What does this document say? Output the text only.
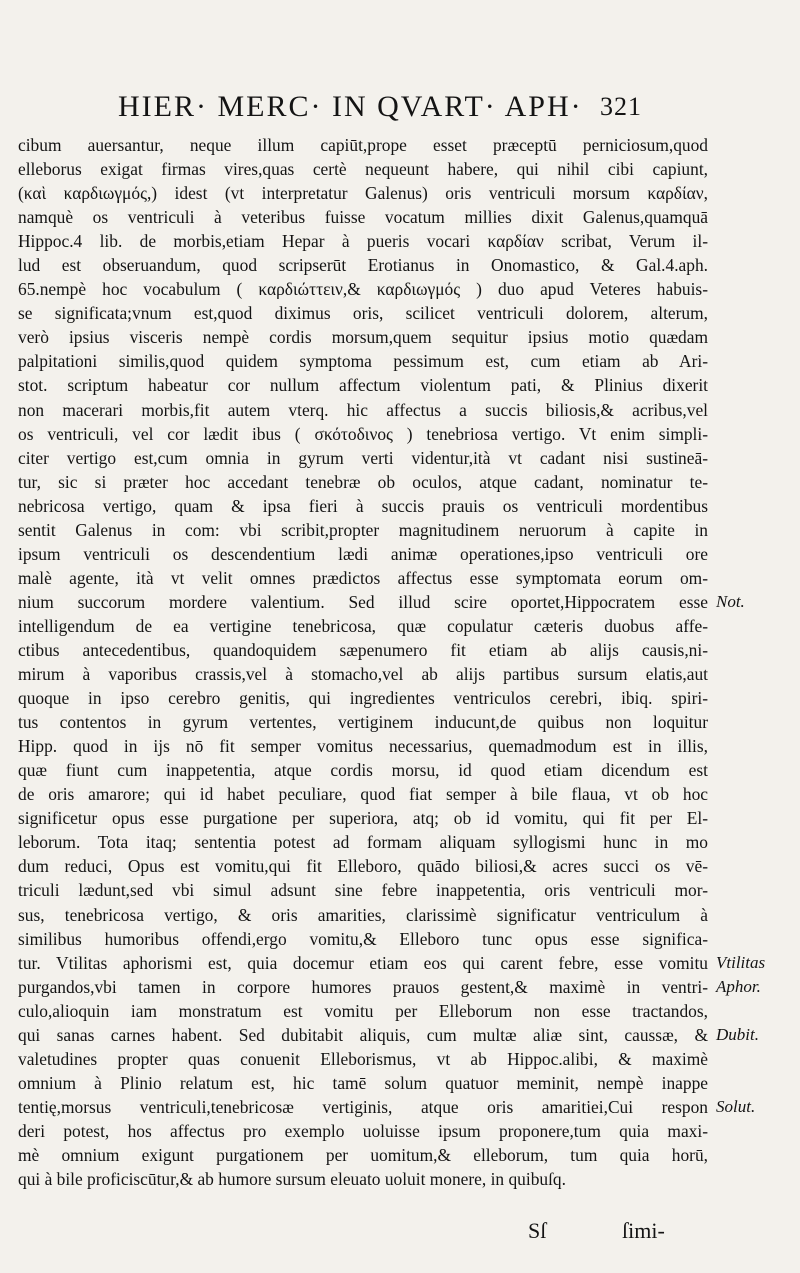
HIER· MERC· IN QVART· APH· 321
cibum auersantur, neque illum capiūt,prope esset præceptū perniciosum,quod
elleborus exigat firmas vires,quas certè nequeunt habere, qui nihil cibi capiunt,
(καὶ καρδιωγμός,) idest (vt interpretatur Galenus) oris ventriculi morsum καρδίαν,
namquè os ventriculi à veteribus fuisse vocatum millies dixit Galenus,quamquā
Hippoc.4 lib. de morbis,etiam Hepar à pueris vocari καρδίαν scribat, Verum il-
lud est obseruandum, quod scripserūt Erotianus in Onomastico, & Gal.4.aph.
65.nempè hoc vocabulum ( καρδιώττειν,& καρδιωγμός ) duo apud Veteres habuis-
se significata;vnum est,quod diximus oris, scilicet ventriculi dolorem, alterum,
verò ipsius visceris nempè cordis morsum,quem sequitur ipsius motio quædam
palpitationi similis,quod quidem symptoma pessimum est, cum etiam ab Ari-
stot. scriptum habeatur cor nullum affectum violentum pati, & Plinius dixerit
non macerari morbis,fit autem vterq. hic affectus a succis biliosis,& acribus,vel
os ventriculi, vel cor lædit ibus ( σκότοδινος ) tenebriosa vertigo. Vt enim simpli-
citer vertigo est,cum omnia in gyrum verti videntur,ità vt cadant nisi sustineā-
tur, sic si præter hoc accedant tenebræ ob oculos, atque cadant, nominatur te-
nebricosa vertigo, quam & ipsa fieri à succis prauis os ventriculi mordentibus
sentit Galenus in com: vbi scribit,propter magnitudinem neruorum à capite in
ipsum ventriculi os descendentium lædi animæ operationes,ipso ventriculi ore
malè agente, ità vt velit omnes prædictos affectus esse symptomata eorum om-
nium succorum mordere valentium. Sed illud scire oportet,Hippocratem esse
intelligendum de ea vertigine tenebricosa, quæ copulatur cæteris duobus affe-
ctibus antecedentibus, quandoquidem sæpenumero fit etiam ab alijs causis,ni-
mirum à vaporibus crassis,vel à stomacho,vel ab alijs partibus sursum elatis,aut
quoque in ipso cerebro genitis, qui ingredientes ventriculos cerebri, ibiq. spiri-
tus contentos in gyrum vertentes, vertiginem inducunt,de quibus non loquitur
Hipp. quod in ijs nō fit semper vomitus necessarius, quemadmodum est in illis,
quæ fiunt cum inappetentia, atque cordis morsu, id quod etiam dicendum est
de oris amarore; qui id habet peculiare, quod fiat semper à bile flaua, vt ob hoc
significetur opus esse purgatione per superiora, atq; ob id vomitu, qui fit per El-
leborum. Tota itaq; sententia potest ad formam aliquam syllogismi hunc in mo
dum reduci, Opus est vomitu,qui fit Elleboro, quādo biliosi,& acres succi os vē-
triculi lædunt,sed vbi simul adsunt sine febre inappetentia, oris ventriculi mor-
sus, tenebricosa vertigo, & oris amarities, clarissimè significatur ventriculum à
similibus humoribus offendi,ergo vomitu,& Elleboro tunc opus esse significa-
tur. Vtilitas aphorismi est, quia docemur etiam eos qui carent febre, esse vomitu
purgandos,vbi tamen in corpore humores prauos gestent,& maximè in ventri-
culo,alioquin iam monstratum est vomitu per Elleborum non esse tractandos,
qui sanas carnes habent. Sed dubitabit aliquis, cum multæ aliæ sint, caussæ, &
valetudines propter quas conuenit Elleborismus, vt ab Hippoc.alibi, & maximè
omnium à Plinio relatum est, hic tamē solum quatuor meminit, nempè inappe
tentię,morsus ventriculi,tenebricosæ vertiginis, atque oris amaritiei,Cui respon
deri potest, hos affectus pro exemplo uoluisse ipsum proponere,tum quia maxi-
mè omnium exigunt purgationem per uomitum,& elleborum, tum quia horū,
qui à bile proficiscūtur,& ab humore sursum eleuato uoluit monere, in quibuſq.
Not.
Vtilitas
Aphor.
Dubit.
Solut.
Sſ	ſimi-
